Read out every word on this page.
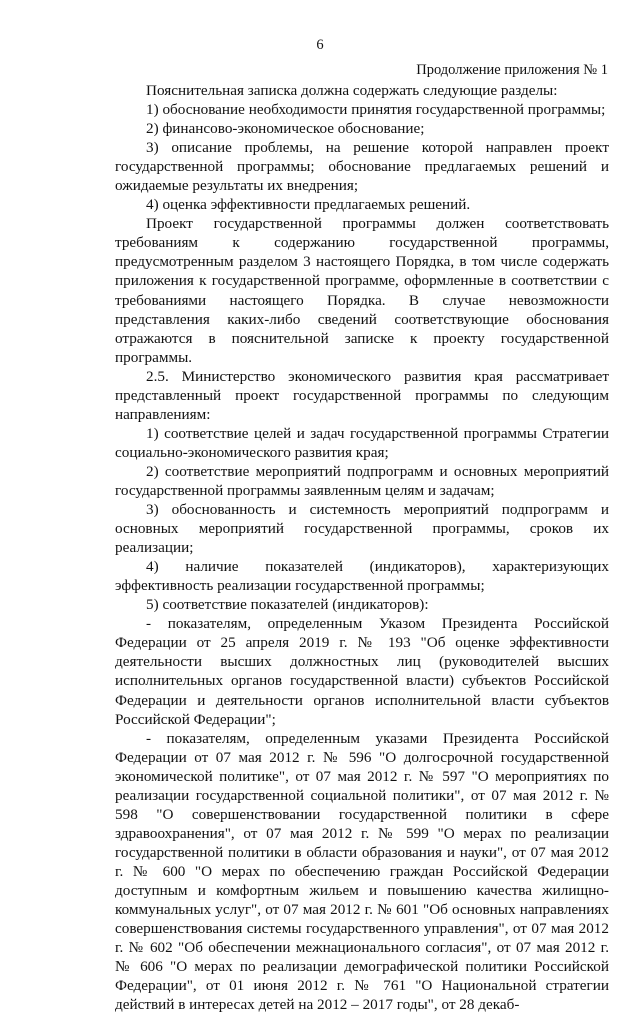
6
Продолжение приложения № 1

Пояснительная записка должна содержать следующие разделы:

1) обоснование необходимости принятия государственной программы;

2) финансово-экономическое обоснование;

3) описание проблемы, на решение которой направлен проект государственной программы; обоснование предлагаемых решений и ожидаемые результаты их внедрения;

4) оценка эффективности предлагаемых решений.

Проект государственной программы должен соответствовать требованиям к содержанию государственной программы, предусмотренным разделом 3 настоящего Порядка, в том числе содержать приложения к государственной программе, оформленные в соответствии с требованиями настоящего Порядка. В случае невозможности представления каких-либо сведений соответствующие обоснования отражаются в пояснительной записке к проекту государственной программы.

2.5. Министерство экономического развития края рассматривает представленный проект государственной программы по следующим направлениям:

1) соответствие целей и задач государственной программы Стратегии социально-экономического развития края;

2) соответствие мероприятий подпрограмм и основных мероприятий государственной программы заявленным целям и задачам;

3) обоснованность и системность мероприятий подпрограмм и основных мероприятий государственной программы, сроков их реализации;

4) наличие показателей (индикаторов), характеризующих эффективность реализации государственной программы;

5) соответствие показателей (индикаторов):

- показателям, определенным Указом Президента Российской Федерации от 25 апреля 2019 г. № 193 "Об оценке эффективности деятельности высших должностных лиц (руководителей высших исполнительных органов государственной власти) субъектов Российской Федерации и деятельности органов исполнительной власти субъектов Российской Федерации";

- показателям, определенным указами Президента Российской Федерации от 07 мая 2012 г. № 596 "О долгосрочной государственной экономической политике", от 07 мая 2012 г. № 597 "О мероприятиях по реализации государственной социальной политики", от 07 мая 2012 г. № 598 "О совершенствовании государственной политики в сфере здравоохранения", от 07 мая 2012 г. № 599 "О мерах по реализации государственной политики в области образования и науки", от 07 мая 2012 г. № 600 "О мерах по обеспечению граждан Российской Федерации доступным и комфортным жильем и повышению качества жилищно-коммунальных услуг", от 07 мая 2012 г. № 601 "Об основных направлениях совершенствования системы государственного управления", от 07 мая 2012 г. № 602 "Об обеспечении межнационального согласия", от 07 мая 2012 г. № 606 "О мерах по реализации демографической политики Российской Федерации", от 01 июня 2012 г. № 761 "О Национальной стратегии действий в интересах детей на 2012 – 2017 годы", от 28 декаб-
